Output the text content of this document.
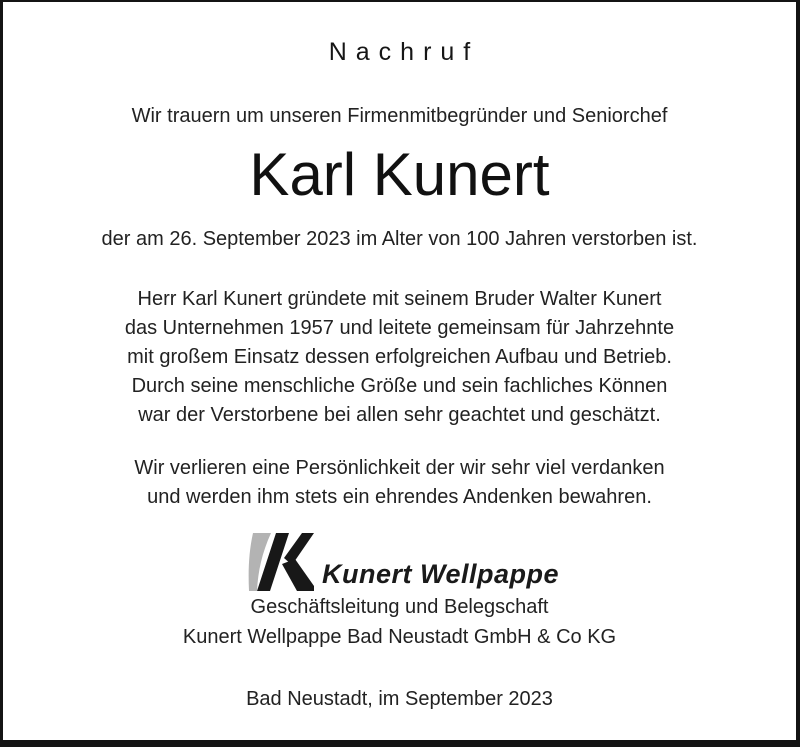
Nachruf
Wir trauern um unseren Firmenmitbegründer und Seniorchef
Karl Kunert
der am 26. September 2023 im Alter von 100 Jahren verstorben ist.
Herr Karl Kunert gründete mit seinem Bruder Walter Kunert
das Unternehmen 1957 und leitete gemeinsam für Jahrzehnte
mit großem Einsatz dessen erfolgreichen Aufbau und Betrieb.
Durch seine menschliche Größe und sein fachliches Können
war der Verstorbene bei allen sehr geachtet und geschätzt.
Wir verlieren eine Persönlichkeit der wir sehr viel verdanken
und werden ihm stets ein ehrendes Andenken bewahren.
Kunert Wellpappe
Geschäftsleitung und Belegschaft
Kunert Wellpappe Bad Neustadt GmbH & Co KG
Bad Neustadt, im September 2023
